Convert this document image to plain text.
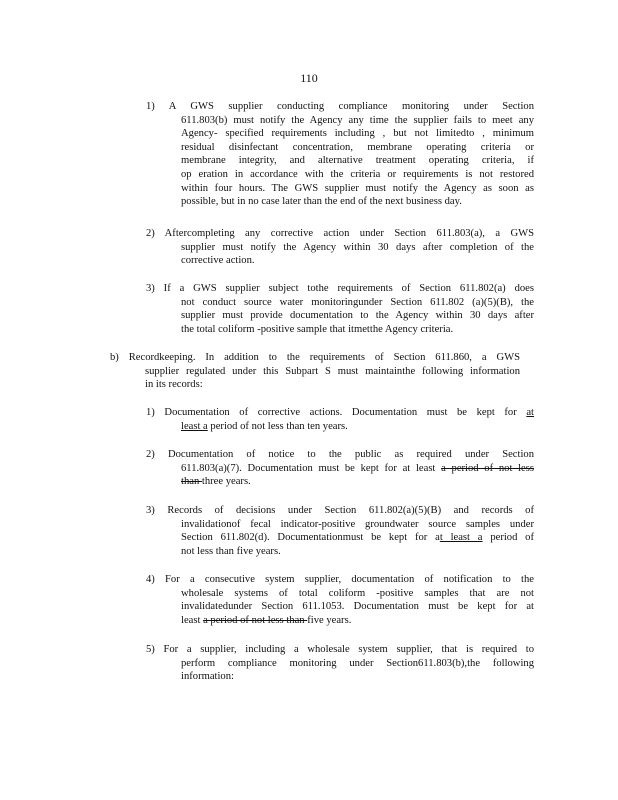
110
1) A GWS supplier conducting compliance monitoring under Section
611.803(b) must notify the Agency any time the supplier fails to meet any
Agency- specified requirements including , but not limitedto , minimum
residual disinfectant concentration, membrane operating criteria or
membrane integrity, and alternative treatment operating criteria, if
op eration in accordance with the criteria or requirements is not restored
within four hours. The GWS supplier must notify the Agency as soon as
possible, but in no case later than the end of the next business day.
2) Aftercompleting any corrective action under Section 611.803(a), a GWS
supplier must notify the Agency within 30 days after completion of the
corrective action.
3) If a GWS supplier subject tothe requirements of Section 611.802(a) does
not conduct source water monitoringunder Section 611.802 (a)(5)(B), the
supplier must provide documentation to the Agency within 30 days after
the total coliform -positive sample that itmetthe Agency criteria.
b) Recordkeeping. In addition to the requirements of Section 611.860, a GWS
supplier regulated under this Subpart S must maintainthe following information
in its records:
1) Documentation of corrective actions. Documentation must be kept for at
least a period of not less than ten years.
2) Documentation of notice to the public as required under Section
611.803(a)(7). Documentation must be kept for at least a period of not less
than three years.
3) Records of decisions under Section 611.802(a)(5)(B) and records of
invalidationof fecal indicator-positive groundwater source samples under
Section 611.802(d). Documentationmust be kept for at least a period of
not less than five years.
4) For a consecutive system supplier, documentation of notification to the
wholesale systems of total coliform -positive samples that are not
invalidatedunder Section 611.1053. Documentation must be kept for at
least a period of not less than five years.
5) For a supplier, including a wholesale system supplier, that is required to
perform compliance monitoring under Section611.803(b),the following
information:
